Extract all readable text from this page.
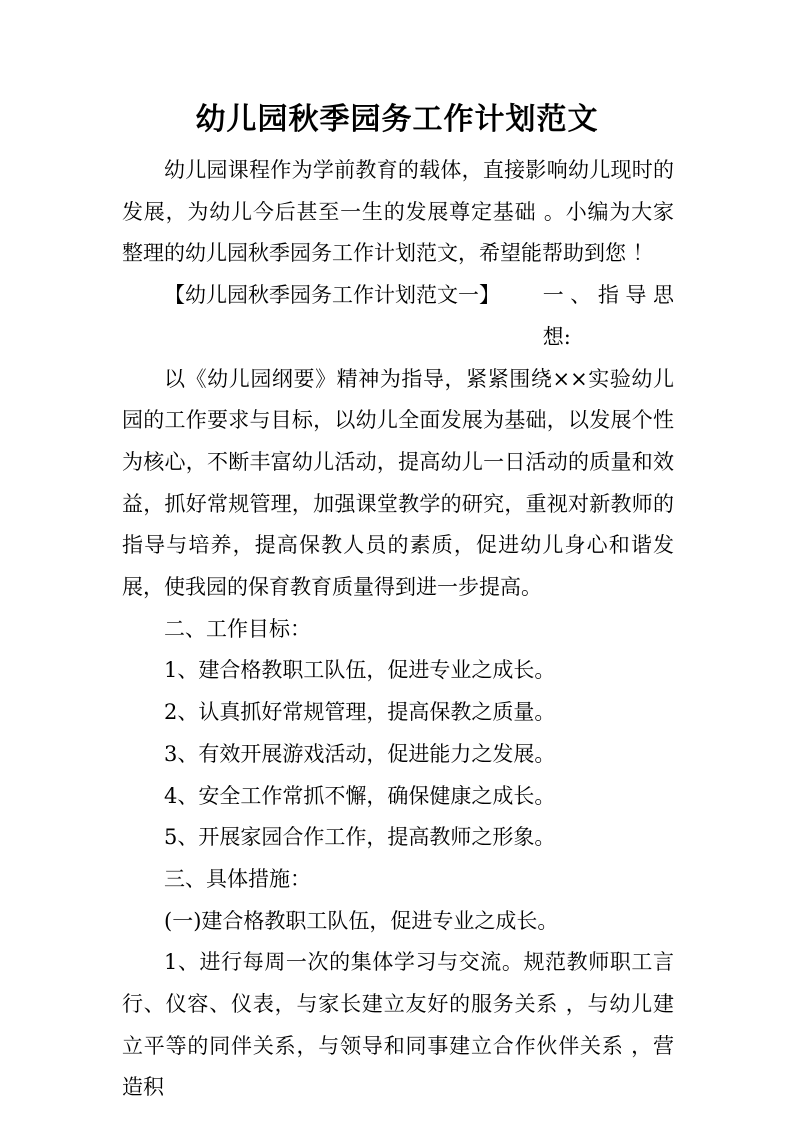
幼儿园秋季园务工作计划范文

幼儿园课程作为学前教育的载体，直接影响幼儿现时的发展，为幼儿今后甚至一生的发展尊定基础 。小编为大家整理的幼儿园秋季园务工作计划范文，希望能帮助到您 ！

【幼儿园秋季园务工作计划范文一】 一、指导思想:

以《幼儿园纲要》精神为指导，紧紧围绕××实验幼儿园的工作要求与目标，以幼儿全面发展为基础，以发展个性为核心，不断丰富幼儿活动，提高幼儿一日活动的质量和效益，抓好常规管理，加强课堂教学的研究，重视对新教师的指导与培养，提高保教人员的素质，促进幼儿身心和谐发展，使我园的保育教育质量得到进一步提高。

二、工作目标：

1、建合格教职工队伍，促进专业之成长。

2、认真抓好常规管理，提高保教之质量。

3、有效开展游戏活动，促进能力之发展。

4、安全工作常抓不懈，确保健康之成长。

5、开展家园合作工作，提高教师之形象。

三、具体措施：

(一)建合格教职工队伍，促进专业之成长。

1、进行每周一次的集体学习与交流。规范教师职工言行、仪容、仪表，与家长建立友好的服务关系 ，与幼儿建立平等的同伴关系，与领导和同事建立合作伙伴关系 ，营造积
